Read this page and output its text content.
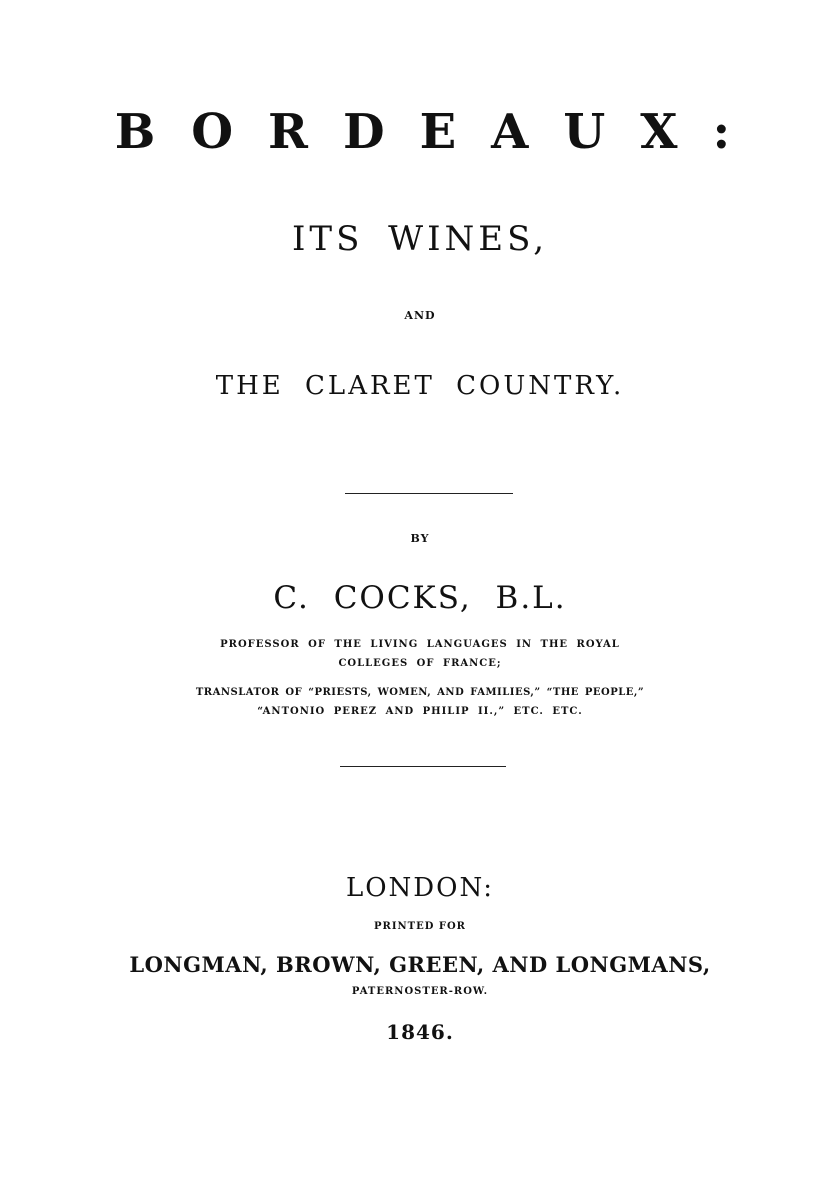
BORDEAUX:
ITS WINES,
AND
THE CLARET COUNTRY.
BY
C. COCKS, B.L.
PROFESSOR OF THE LIVING LANGUAGES IN THE ROYAL
COLLEGES OF FRANCE;
TRANSLATOR OF “PRIESTS, WOMEN, AND FAMILIES,” “THE PEOPLE,”
“ANTONIO PEREZ AND PHILIP II.,” ETC. ETC.
LONDON:
PRINTED FOR
LONGMAN, BROWN, GREEN, AND LONGMANS,
PATERNOSTER-ROW.
1846.
